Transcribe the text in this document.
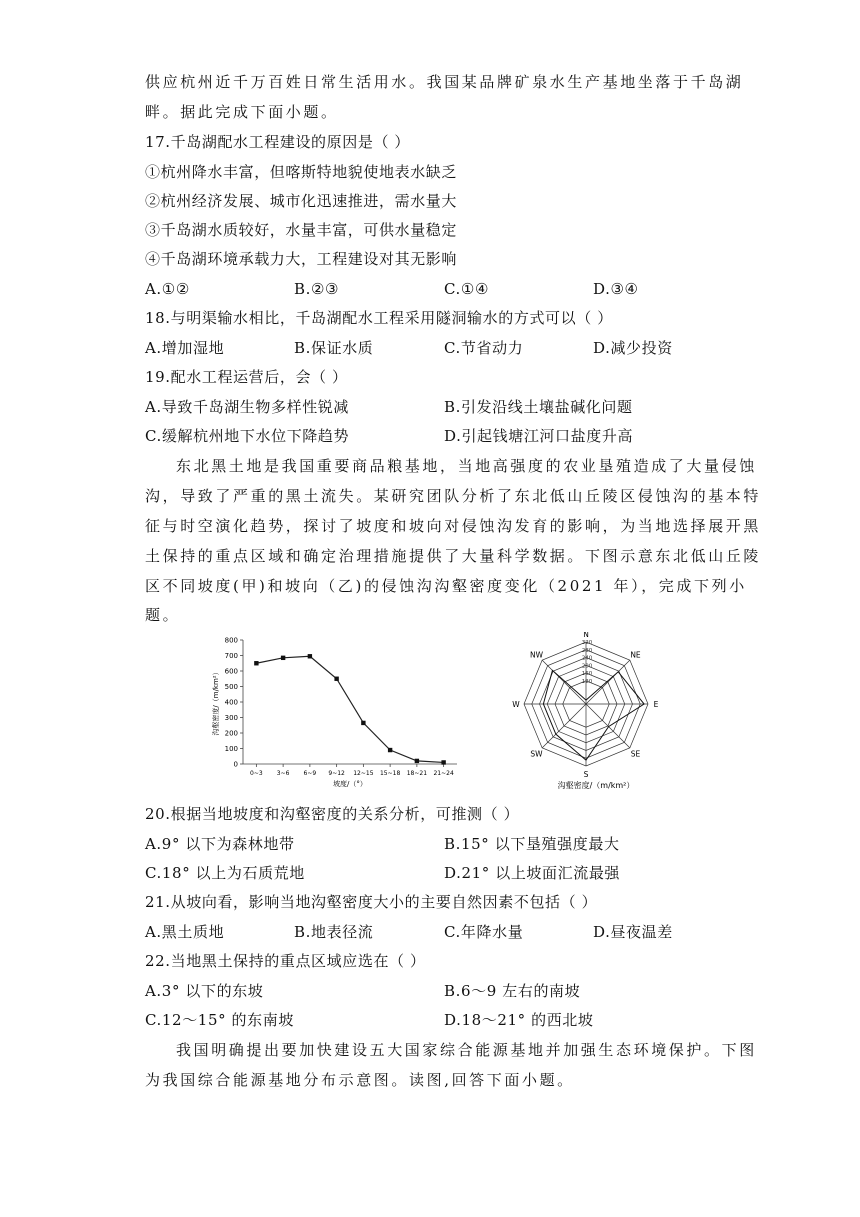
供应杭州近千万百姓日常生活用水。我国某品牌矿泉水生产基地坐落于千岛湖
畔。据此完成下面小题。
17.千岛湖配水工程建设的原因是（ ）
①杭州降水丰富，但喀斯特地貌使地表水缺乏
②杭州经济发展、城市化迅速推进，需水量大
③千岛湖水质较好，水量丰富，可供水量稳定
④千岛湖环境承载力大，工程建设对其无影响
A.①②	B.②③	C.①④	D.③④
18.与明渠输水相比，千岛湖配水工程采用隧洞输水的方式可以（ ）
A.增加湿地	B.保证水质	C.节省动力	D.减少投资
19.配水工程运营后，会（ ）
A.导致千岛湖生物多样性锐减	B.引发沿线土壤盐碱化问题
C.缓解杭州地下水位下降趋势	D.引起钱塘江河口盐度升高
东北黑土地是我国重要商品粮基地，当地高强度的农业垦殖造成了大量侵蚀
沟，导致了严重的黑土流失。某研究团队分析了东北低山丘陵区侵蚀沟的基本特
征与时空演化趋势，探讨了坡度和坡向对侵蚀沟发育的影响，为当地选择展开黑
土保持的重点区域和确定治理措施提供了大量科学数据。下图示意东北低山丘陵
区不同坡度(甲)和坡向（乙)的侵蚀沟沟壑密度变化（2021 年），完成下列小
题。
沟壑密度/（m/km²）
0
100
200
300
400
500
600
700
800
0~3 3~6 6~9 9~12 12~15 15~18 18~21 21~24
坡度/（°）
120
160
200
240
280
320
N
NE
E
SE
S
SW
W
NW
沟壑密度/（m/km²）
20.根据当地坡度和沟壑密度的关系分析，可推测（ ）
A.9° 以下为森林地带	B.15° 以下垦殖强度最大
C.18° 以上为石质荒地	D.21° 以上坡面汇流最强
21.从坡向看，影响当地沟壑密度大小的主要自然因素不包括（ ）
A.黑土质地	B.地表径流	C.年降水量	D.昼夜温差
22.当地黑土保持的重点区域应选在（ ）
A.3° 以下的东坡	B.6～9 左右的南坡
C.12～15° 的东南坡	D.18～21° 的西北坡
我国明确提出要加快建设五大国家综合能源基地并加强生态环境保护。下图
为我国综合能源基地分布示意图。读图,回答下面小题。
